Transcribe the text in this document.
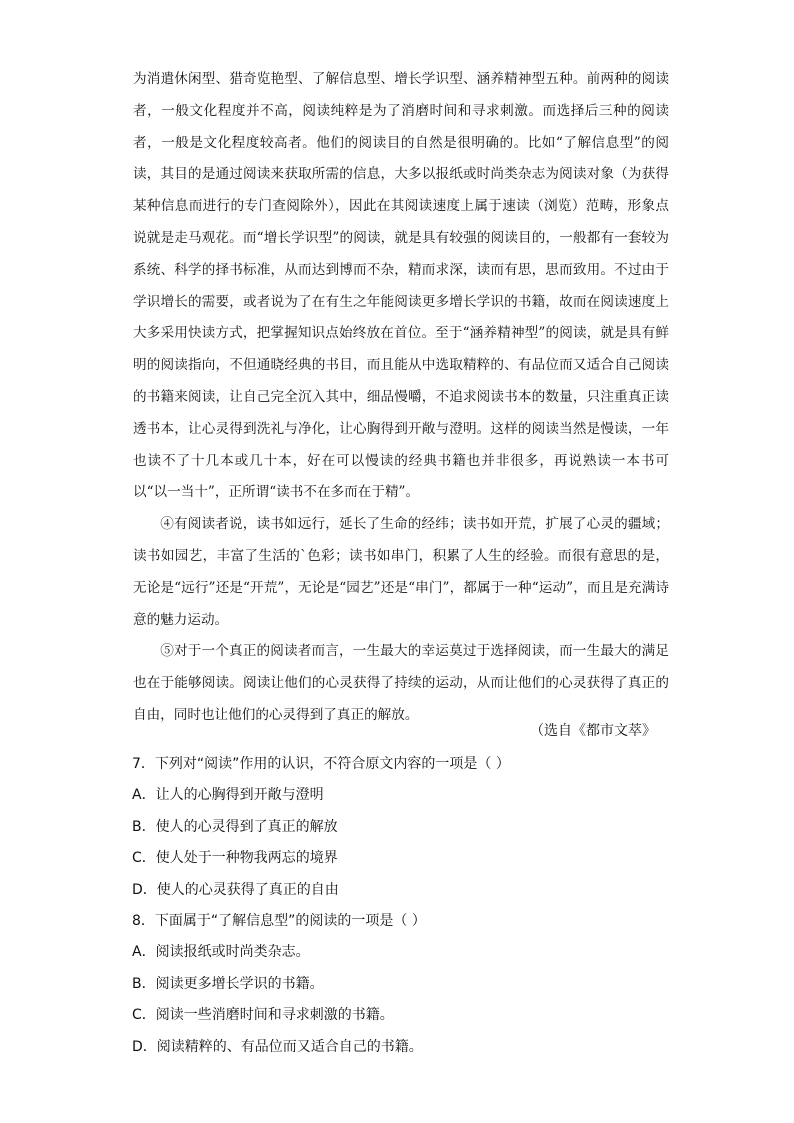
为消遣休闲型、猎奇览艳型、了解信息型、增长学识型、涵养精神型五种。前两种的阅读者，一般文化程度并不高，阅读纯粹是为了消磨时间和寻求刺激。而选择后三种的阅读者，一般是文化程度较高者。他们的阅读目的自然是很明确的。比如“了解信息型”的阅读，其目的是通过阅读来获取所需的信息，大多以报纸或时尚类杂志为阅读对象（为获得某种信息而进行的专门查阅除外），因此在其阅读速度上属于速读（浏览）范畴，形象点说就是走马观花。而“增长学识型”的阅读，就是具有较强的阅读目的，一般都有一套较为系统、科学的择书标准，从而达到博而不杂，精而求深，读而有思，思而致用。不过由于学识增长的需要，或者说为了在有生之年能阅读更多增长学识的书籍，故而在阅读速度上大多采用快读方式，把掌握知识点始终放在首位。至于“涵养精神型”的阅读，就是具有鲜明的阅读指向，不但通晓经典的书目，而且能从中选取精粹的、有品位而又适合自己阅读的书籍来阅读，让自己完全沉入其中，细品慢嚼，不追求阅读书本的数量，只注重真正读透书本，让心灵得到洗礼与净化，让心胸得到开敞与澄明。这样的阅读当然是慢读，一年也读不了十几本或几十本，好在可以慢读的经典书籍也并非很多，再说熟读一本书可以“以一当十”，正所谓“读书不在多而在于精”。

④有阅读者说，读书如远行，延长了生命的经纬；读书如开荒，扩展了心灵的疆域；读书如园艺，丰富了生活的`色彩；读书如串门，积累了人生的经验。而很有意思的是，无论是“远行”还是“开荒”，无论是“园艺”还是“串门”，都属于一种“运动”，而且是充满诗意的魅力运动。

⑤对于一个真正的阅读者而言，一生最大的幸运莫过于选择阅读，而一生最大的满足也在于能够阅读。阅读让他们的心灵获得了持续的运动，从而让他们的心灵获得了真正的自由，同时也让他们的心灵得到了真正的解放。

（选自《都市文萃》

7．下列对“阅读”作用的认识，不符合原文内容的一项是（ ）

A．让人的心胸得到开敞与澄明

B．使人的心灵得到了真正的解放

C．使人处于一种物我两忘的境界

D．使人的心灵获得了真正的自由

8．下面属于“了解信息型”的阅读的一项是（ ）

A．阅读报纸或时尚类杂志。

B．阅读更多增长学识的书籍。

C．阅读一些消磨时间和寻求刺激的书籍。

D．阅读精粹的、有品位而又适合自己的书籍。
